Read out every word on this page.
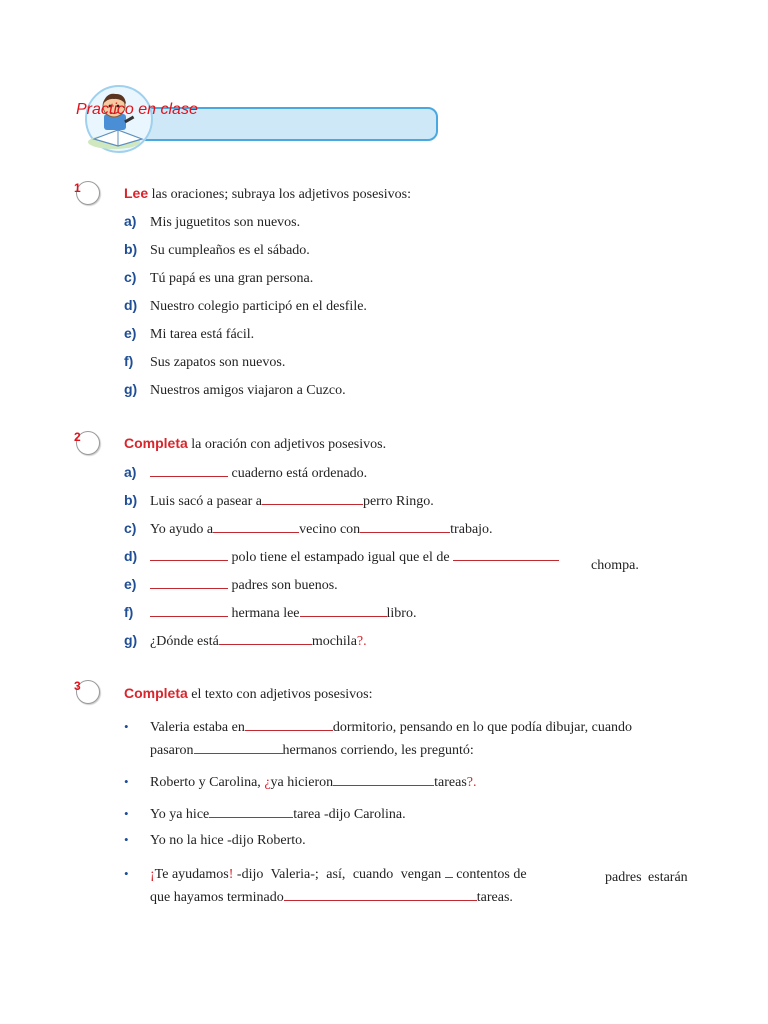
Practico en clase
1	Lee las oraciones; subraya los adjetivos posesivos:
a) Mis juguetitos son nuevos.
b) Su cumpleaños es el sábado.
c) Tú papá es una gran persona.
d) Nuestro colegio participó en el desfile.
e) Mi tarea está fácil.
f) Sus zapatos son nuevos.
g) Nuestros amigos viajaron a Cuzco.
2	Completa la oración con adjetivos posesivos.
a)	cuaderno está ordenado.
b) Luis sacó a pasear a	perro Ringo.
c) Yo ayudo a	vecino con	trabajo.
d)	polo tiene el estampado igual que el de
chompa.
e)	padres son buenos.
f)	hermana lee	libro.
g) ¿Dónde está	mochila?.
3	Completa el texto con adjetivos posesivos:
• Valeria estaba en	dormitorio, pensando en lo que podía dibujar, cuando
pasaron	hermanos corriendo, les preguntó:
• Roberto y Carolina, ¿ya hicieron	tareas?.
• Yo ya hice	tarea -dijo Carolina.
• Yo no la hice -dijo Roberto.
• ¡Te ayudamos! -dijo Valeria-; así, cuando vengan contentos de	padres estarán
que hayamos terminado	tareas.
